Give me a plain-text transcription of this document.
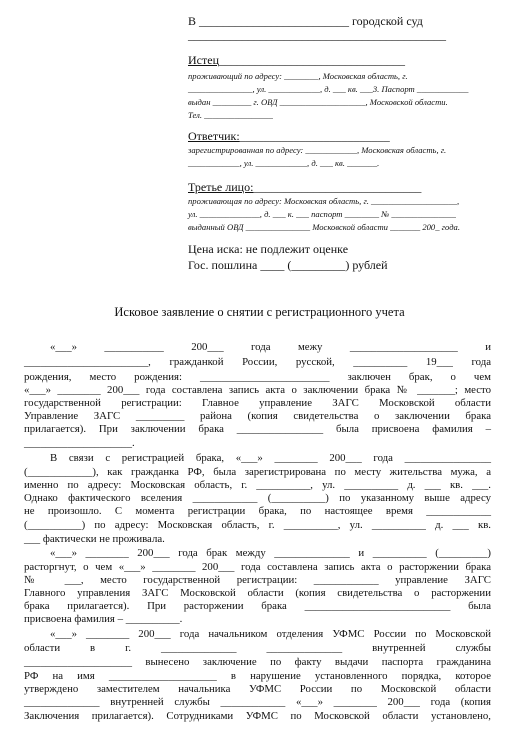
В _________________________ городской суд
___________________________________________
Истец_______________________________
проживающий по адресу: ________, Московская область, г.
_______________, ул. ____________, д. ___ кв. ___3. Паспорт ____________
выдан _________ г. ОВД ____________________, Московской области.
Тел. ________________
Ответчик:_________________________
зарегистрированная по адресу: ____________, Московская область, г.
____________, ул. ____________, д. ___ кв. _______.
Третье лицо:____________________________
проживающая по адресу: Московская область, г. ____________________,
ул. ______________, д. ___ к. ___ паспорт ________ № _______________
выданный ОВД _______________ Московской области _______ 200_ года.
Цена иска: не подлежит оценке
Гос. пошлина ____ (_________) рублей
Исковое заявление о снятии с регистрационного учета
«___» ___________ 200___ года межу ____________________ и
_______________________, гражданкой России, русской, __________ 19___ года
рождения, место рождения: ________________________ заключен брак, о чем
«___» ________ 200___ года составлена запись акта о заключении брака № _______; место
государственной регистрации: Главное управление ЗАГС Московской области
Управление ЗАГС _________ района (копия свидетельства о заключении брака
прилагается). При заключении брака ________________ была присвоена фамилия –
____________________.
В связи с регистрацией брака, «___» ________ 200___ года ________________
(____________), как гражданка РФ, была зарегистрирована по месту жительства мужа, а
именно по адресу: Московская область, г. __________, ул. __________ д. ___ кв. ___.
Однако фактического вселения ____________ (__________) по указанному выше адресу
не произошло. С момента регистрации брака, по настоящее время ____________
(__________) по адресу: Московская область, г. __________, ул. __________ д. ___ кв.
___ фактически не проживала.
«___» ________ 200___ года брак между ______________ и __________ (_________)
расторгнут, о чем «___» ________ 200___ года составлена запись акта о расторжении брака
№ ___, место государственной регистрации: ____________ управление ЗАГС
Главного управления ЗАГС Московской области (копия свидетельства о расторжении
брака прилагается). При расторжении брака ___________________________ была
присвоена фамилия – __________.
«___» ________ 200___ года начальником отделения УФМС России по Московской
области в г. ______________ ______________ внутренней службы
____________________ вынесено заключение по факту выдачи паспорта гражданина
РФ на имя ____________________ в нарушение установленного порядка, которое
утверждено заместителем начальника УФМС России по Московской области
______________ внутренней службы ____________ «___» ________ 200___ года (копия
Заключения прилагается). Сотрудниками УФМС по Московской области установлено,
